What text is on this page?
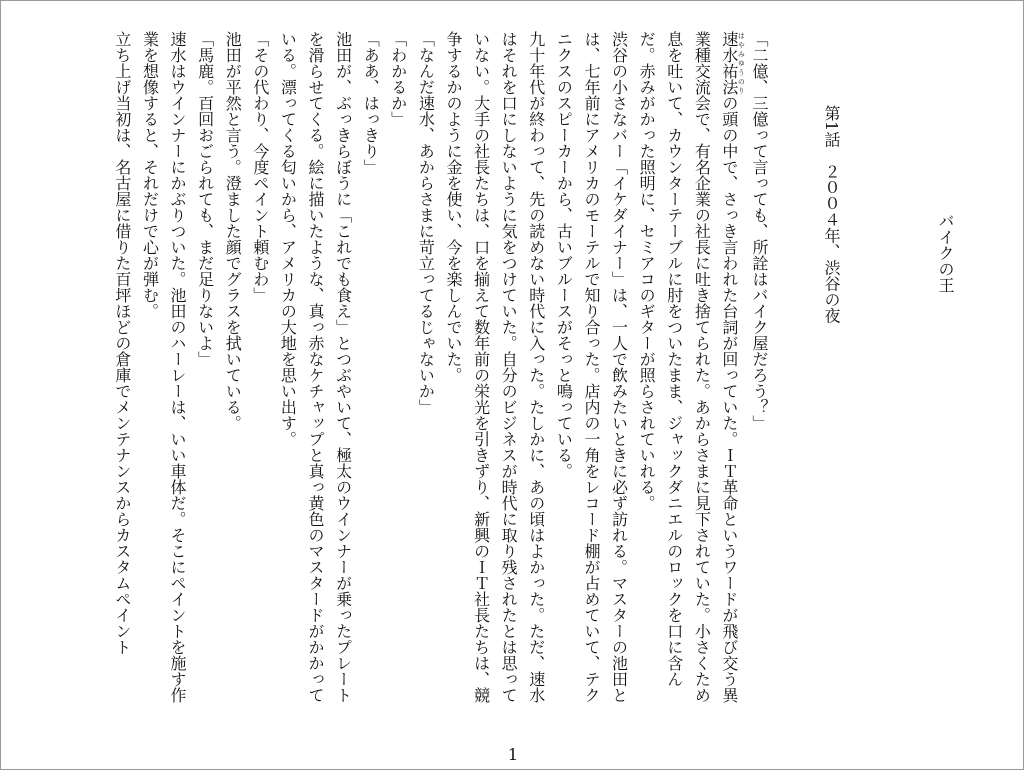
バイクの王
第1話　２００４年、渋谷の夜

「二億、三億って言っても、所詮はバイク屋だろう？」

速水祐法はやみゆうのりの頭の中で、さっき言われた台詞が回っていた。ＩＴ革命というワードが飛び交う異業種交流会で、有名企業の社長に吐き捨てられた。あからさまに見下されていた。小さくため息を吐いて、カウンターテーブルに肘をついたまま、ジャックダニエルのロックを口に含んだ。赤みがかった照明に、セミアコのギターが照らされていれる。

渋谷の小さなバー「イケダイナー」は、一人で飲みたいときに必ず訪れる。マスターの池田とは、七年前にアメリカのモーテルで知り合った。店内の一角をレコード棚が占めていて、テクニクスのスピーカーから、古いブルースがそっと鳴っている。

九十年代が終わって、先の読めない時代に入った。たしかに、あの頃はよかった。ただ、速水はそれを口にしないように気をつけていた。自分のビジネスが時代に取り残されたとは思っていない。大手の社長たちは、口を揃えて数年前の栄光を引きずり、新興のＩＴ社長たちは、競争するかのように金を使い、今を楽しんでいた。

「なんだ速水、あからさまに苛立ってるじゃないか」

「わかるか」

「ああ、はっきり」

池田が、ぶっきらぼうに「これでも食え」とつぶやいて、極太のウインナーが乗ったプレートを滑らせてくる。絵に描いたような、真っ赤なケチャップと真っ黄色のマスタードがかかっている。漂ってくる匂いから、アメリカの大地を思い出す。

「その代わり、今度ペイント頼むわ」

池田が平然と言う。澄ました顔でグラスを拭いている。

「馬鹿。百回おごられても、まだ足りないよ」

速水はウインナーにかぶりついた。池田のハーレーは、いい車体だ。そこにペイントを施す作業を想像すると、それだけで心が弾む。

立ち上げ当初は、名古屋に借りた百坪ほどの倉庫でメンテナンスからカスタムペイント

1
